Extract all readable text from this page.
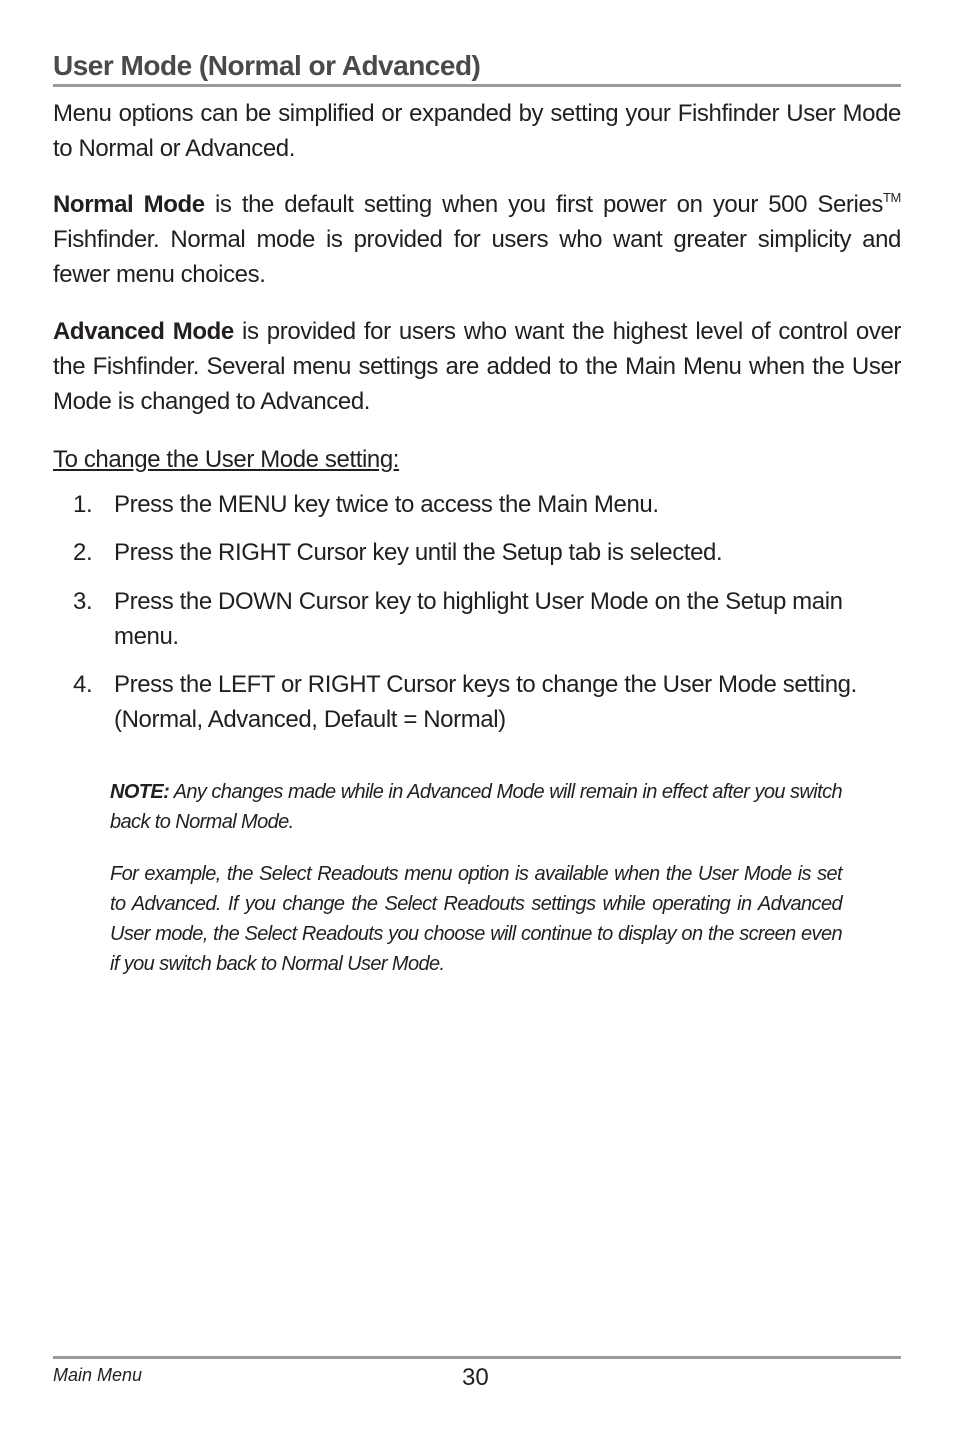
User Mode (Normal or Advanced)
Menu options can be simplified or expanded by setting your Fishfinder User Mode to Normal or Advanced.
Normal Mode is the default setting when you first power on your 500 Series™ Fishfinder. Normal mode is provided for users who want greater simplicity and fewer menu choices.
Advanced Mode is provided for users who want the highest level of control over the Fishfinder. Several menu settings are added to the Main Menu when the User Mode is changed to Advanced.
To change the User Mode setting:
1. Press the MENU key twice to access the Main Menu.
2. Press the RIGHT Cursor key until the Setup tab is selected.
3. Press the DOWN Cursor key to highlight User Mode on the Setup main menu.
4. Press the LEFT or RIGHT Cursor keys to change the User Mode setting. (Normal, Advanced, Default = Normal)
NOTE: Any changes made while in Advanced Mode will remain in effect after you switch back to Normal Mode.
For example, the Select Readouts menu option is available when the User Mode is set to Advanced. If you change the Select Readouts settings while operating in Advanced User mode, the Select Readouts you choose will continue to display on the screen even if you switch back to Normal User Mode.
Main Menu	30
